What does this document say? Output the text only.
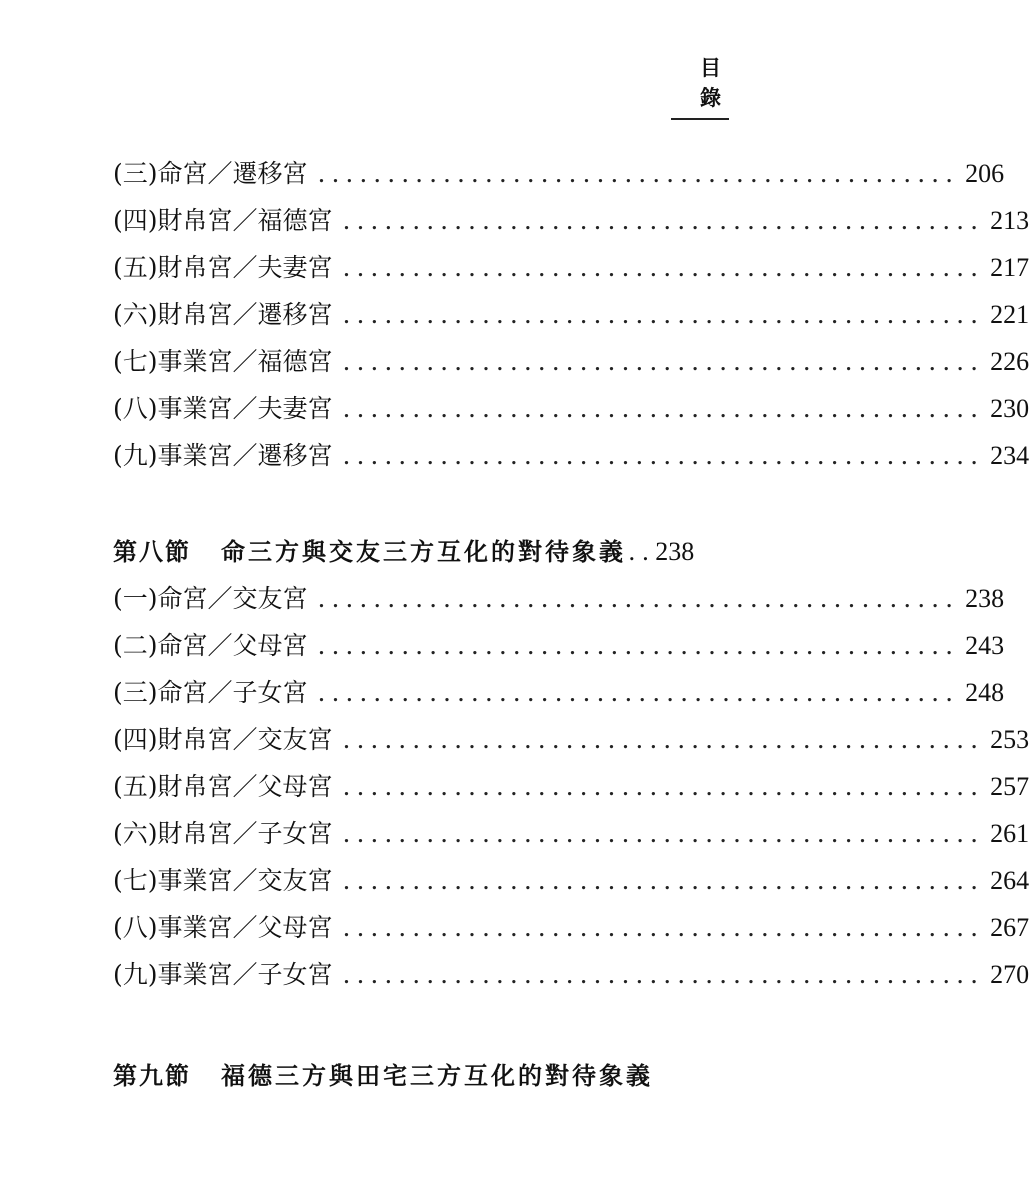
目 錄
(三)命宮／遷移宮 .............................................. 206
(四)財帛宮／福德宮 .............................................. 213
(五)財帛宮／夫妻宮 .............................................. 217
(六)財帛宮／遷移宮 .............................................. 221
(七)事業宮／福德宮 .............................................. 226
(八)事業宮／夫妻宮 .............................................. 230
(九)事業宮／遷移宮 .............................................. 234
第八節 命三方與交友三方互化的對待象義 .. 238
(一)命宮／交友宮 .............................................. 238
(二)命宮／父母宮 .............................................. 243
(三)命宮／子女宮 .............................................. 248
(四)財帛宮／交友宮 .............................................. 253
(五)財帛宮／父母宮 .............................................. 257
(六)財帛宮／子女宮 .............................................. 261
(七)事業宮／交友宮 .............................................. 264
(八)事業宮／父母宮 .............................................. 267
(九)事業宮／子女宮 .............................................. 270
第九節 福德三方與田宅三方互化的對待象義
